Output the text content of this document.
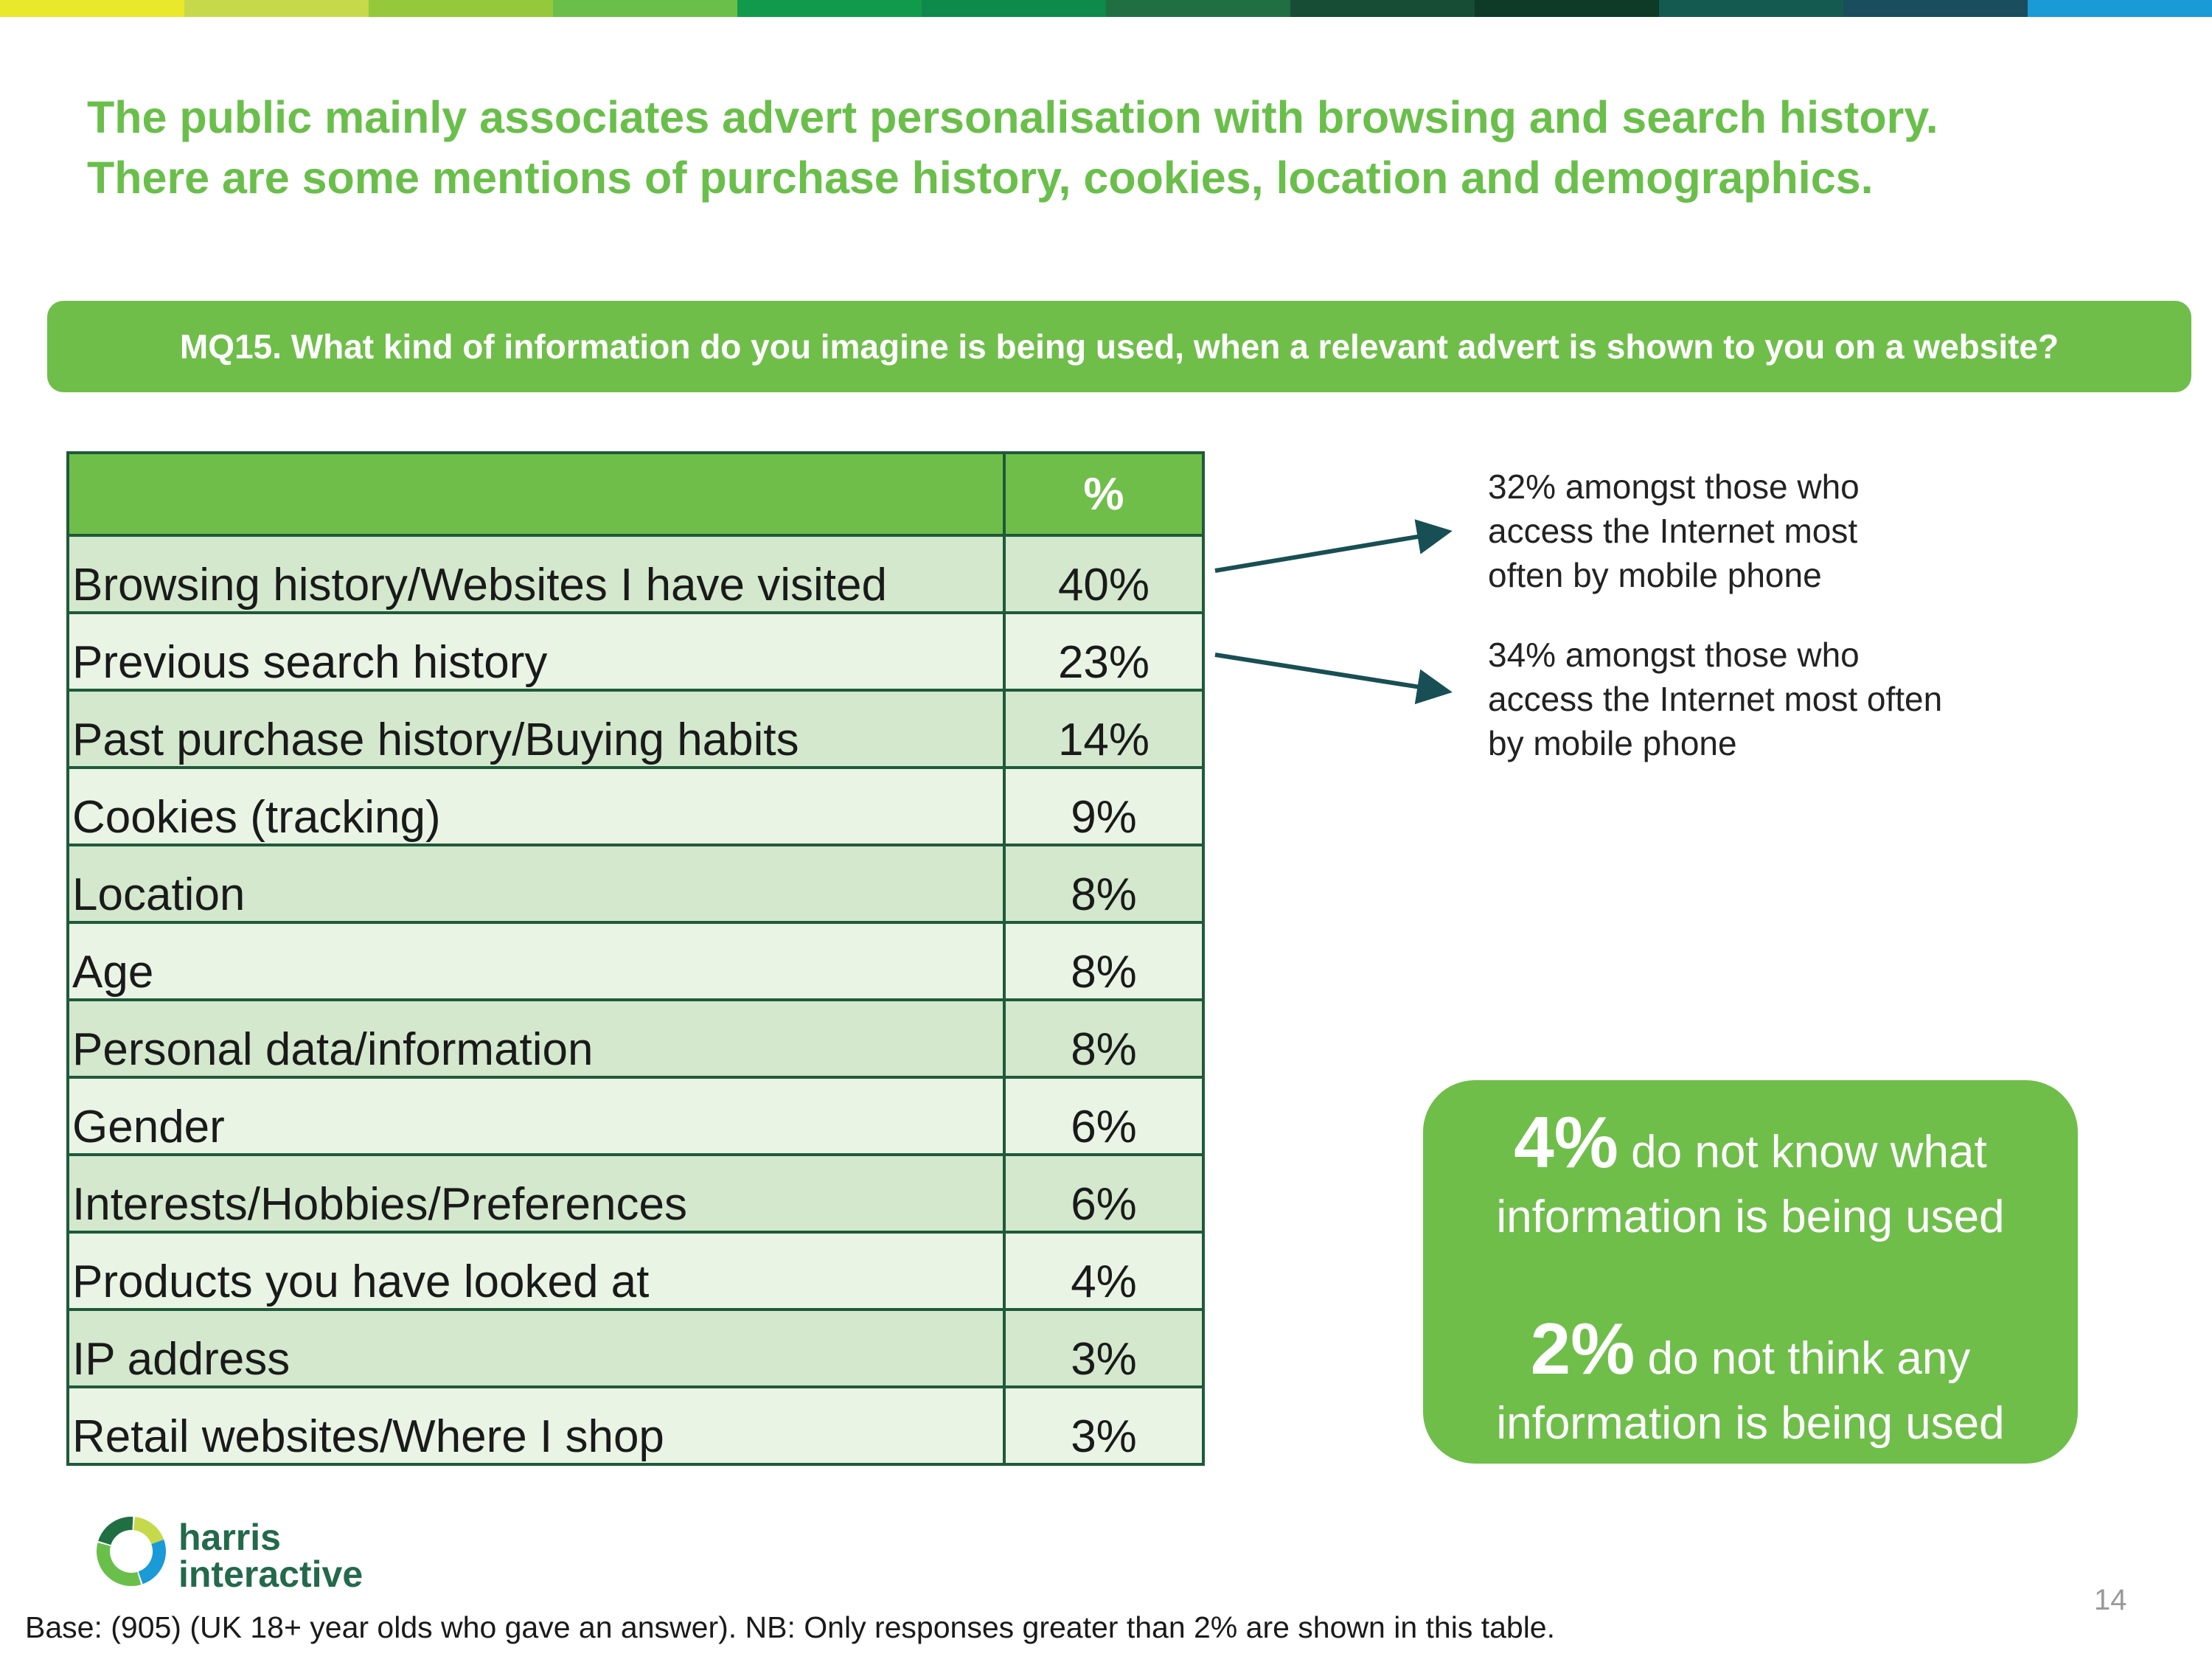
The public mainly associates advert personalisation with browsing and search history.
There are some mentions of purchase history, cookies, location and demographics.
MQ15. What kind of information do you imagine is being used, when a relevant advert is shown to you on a website?
	%
Browsing history/Websites I have visited	40%
Previous search history	23%
Past purchase history/Buying habits	14%
Cookies (tracking)	9%
Location	8%
Age	8%
Personal data/information	8%
Gender	6%
Interests/Hobbies/Preferences	6%
Products you have looked at	4%
IP address	3%
Retail websites/Where I shop	3%
32% amongst those who
access the Internet most
often by mobile phone
34% amongst those who
access the Internet most often
by mobile phone
4% do not know what
information is being used
2% do not think any
information is being used
harris
interactive
14
Base: (905) (UK 18+ year olds who gave an answer). NB: Only responses greater than 2% are shown in this table.
